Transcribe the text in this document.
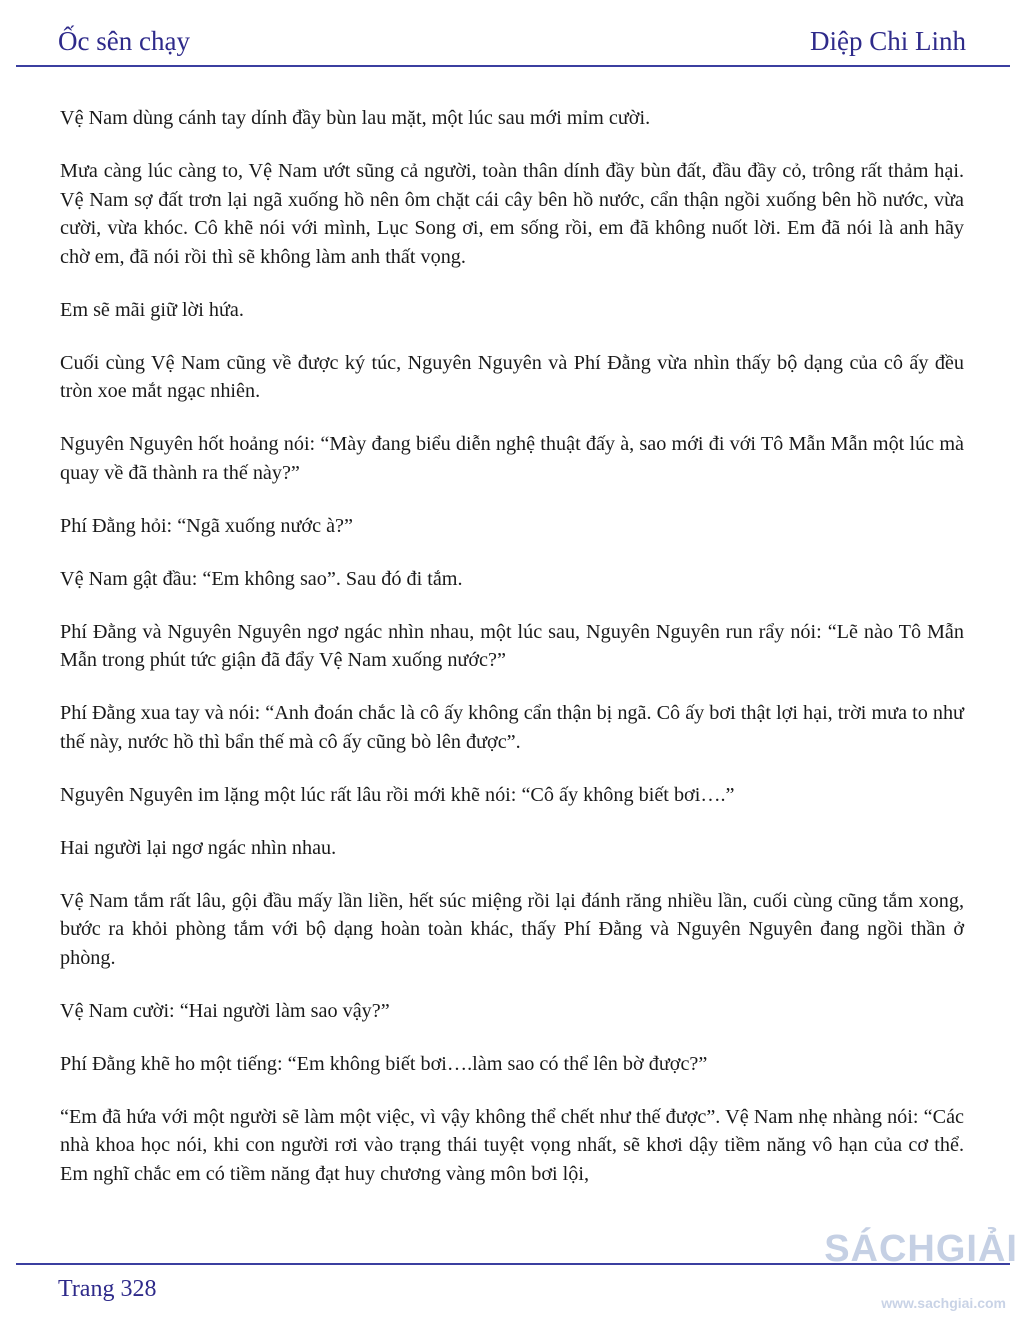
Ốc sên chạy	Diệp Chi Linh

Vệ Nam dùng cánh tay dính đầy bùn lau mặt, một lúc sau mới mỉm cười.

Mưa càng lúc càng to, Vệ Nam ướt sũng cả người, toàn thân dính đầy bùn đất, đầu đầy cỏ, trông rất thảm hại. Vệ Nam sợ đất trơn lại ngã xuống hồ nên ôm chặt cái cây bên hồ nước, cẩn thận ngồi xuống bên hồ nước, vừa cười, vừa khóc. Cô khẽ nói với mình, Lục Song ơi, em sống rồi, em đã không nuốt lời. Em đã nói là anh hãy chờ em, đã nói rồi thì sẽ không làm anh thất vọng.

Em sẽ mãi giữ lời hứa.

Cuối cùng Vệ Nam cũng về được ký túc, Nguyên Nguyên và Phí Đằng vừa nhìn thấy bộ dạng của cô ấy đều tròn xoe mắt ngạc nhiên.

Nguyên Nguyên hốt hoảng nói: “Mày đang biểu diễn nghệ thuật đấy à, sao mới đi với Tô Mẫn Mẫn một lúc mà quay về đã thành ra thế này?”

Phí Đằng hỏi: “Ngã xuống nước à?”

Vệ Nam gật đầu: “Em không sao”. Sau đó đi tắm.

Phí Đằng và Nguyên Nguyên ngơ ngác nhìn nhau, một lúc sau, Nguyên Nguyên run rẩy nói: “Lẽ nào Tô Mẫn Mẫn trong phút tức giận đã đẩy Vệ Nam xuống nước?”

Phí Đằng xua tay và nói: “Anh đoán chắc là cô ấy không cẩn thận bị ngã. Cô ấy bơi thật lợi hại, trời mưa to như thế này, nước hồ thì bẩn thế mà cô ấy cũng bò lên được”.

Nguyên Nguyên im lặng một lúc rất lâu rồi mới khẽ nói: “Cô ấy không biết bơi….”

Hai người lại ngơ ngác nhìn nhau.

Vệ Nam tắm rất lâu, gội đầu mấy lần liền, hết súc miệng rồi lại đánh răng nhiều lần, cuối cùng cũng tắm xong, bước ra khỏi phòng tắm với bộ dạng hoàn toàn khác, thấy Phí Đằng và Nguyên Nguyên đang ngồi thần ở phòng.

Vệ Nam cười: “Hai người làm sao vậy?”

Phí Đằng khẽ ho một tiếng: “Em không biết bơi….làm sao có thể lên bờ được?”

“Em đã hứa với một người sẽ làm một việc, vì vậy không thể chết như thế được”. Vệ Nam nhẹ nhàng nói: “Các nhà khoa học nói, khi con người rơi vào trạng thái tuyệt vọng nhất, sẽ khơi dậy tiềm năng vô hạn của cơ thể. Em nghĩ chắc em có tiềm năng đạt huy chương vàng môn bơi lội,

Trang 328
SÁCHGIẢI
www.sachgiai.com
